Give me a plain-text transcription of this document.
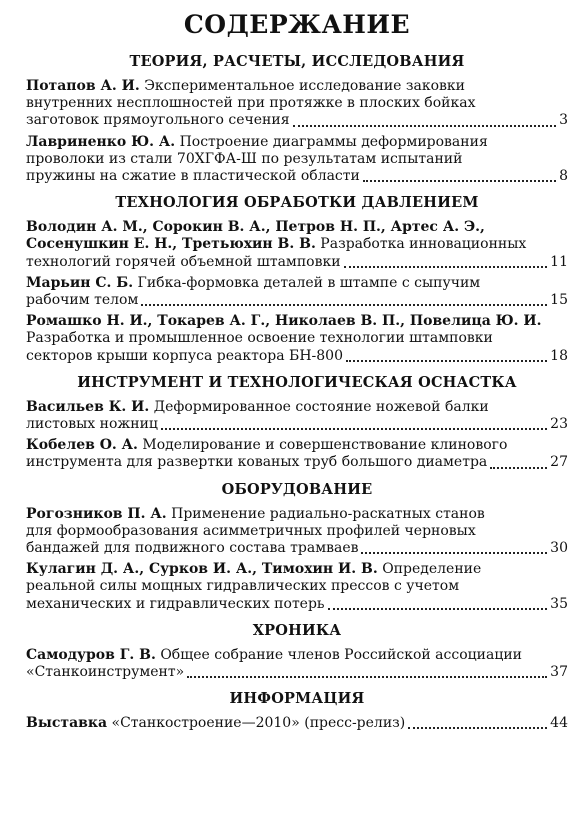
СОДЕРЖАНИЕ
ТЕОРИЯ, РАСЧЕТЫ, ИССЛЕДОВАНИЯ
Потапов А. И.
Экспериментальное исследование заковки
внутренних несплошностей при протяжке в плоских бойках
заготовок прямоугольного сечения	3
Лавриненко Ю. А.
Построение диаграммы деформирования
проволоки из стали 70ХГФА-Ш по результатам испытаний
пружины на сжатие в пластической области	8
ТЕХНОЛОГИЯ ОБРАБОТКИ ДАВЛЕНИЕМ
Володин А. М., Сорокин В. А., Петров Н. П., Артес А. Э.,
Сосенушкин Е. Н., Третьюхин В. В.
Разработка инновационных
технологий горячей объемной штамповки	11
Марьин С. Б.
Гибка-формовка деталей в штампе с сыпучим
рабочим телом	15
Ромашко Н. И., Токарев А. Г., Николаев В. П., Повелица Ю. И.
Разработка и промышленное освоение технологии штамповки
секторов крыши корпуса реактора БН-800	18
ИНСТРУМЕНТ И ТЕХНОЛОГИЧЕСКАЯ ОСНАСТКА
Васильев К. И.
Деформированное состояние ножевой балки
листовых ножниц	23
Кобелев О. А.
Моделирование и совершенствование клинового
инструмента для развертки кованых труб большого диаметра	27
ОБОРУДОВАНИЕ
Рогозников П. А.
Применение радиально-раскатных станов
для формообразования асимметричных профилей черновых
бандажей для подвижного состава трамваев	30
Кулагин Д. А., Сурков И. А., Тимохин И. В.
Определение
реальной силы мощных гидравлических прессов с учетом
механических и гидравлических потерь	35
ХРОНИКА
Самодуров Г. В.
Общее собрание членов Российской ассоциации
«Станкоинструмент»	37
ИНФОРМАЦИЯ
Выставка
«Станкостроение—2010» (пресс-релиз)	44
